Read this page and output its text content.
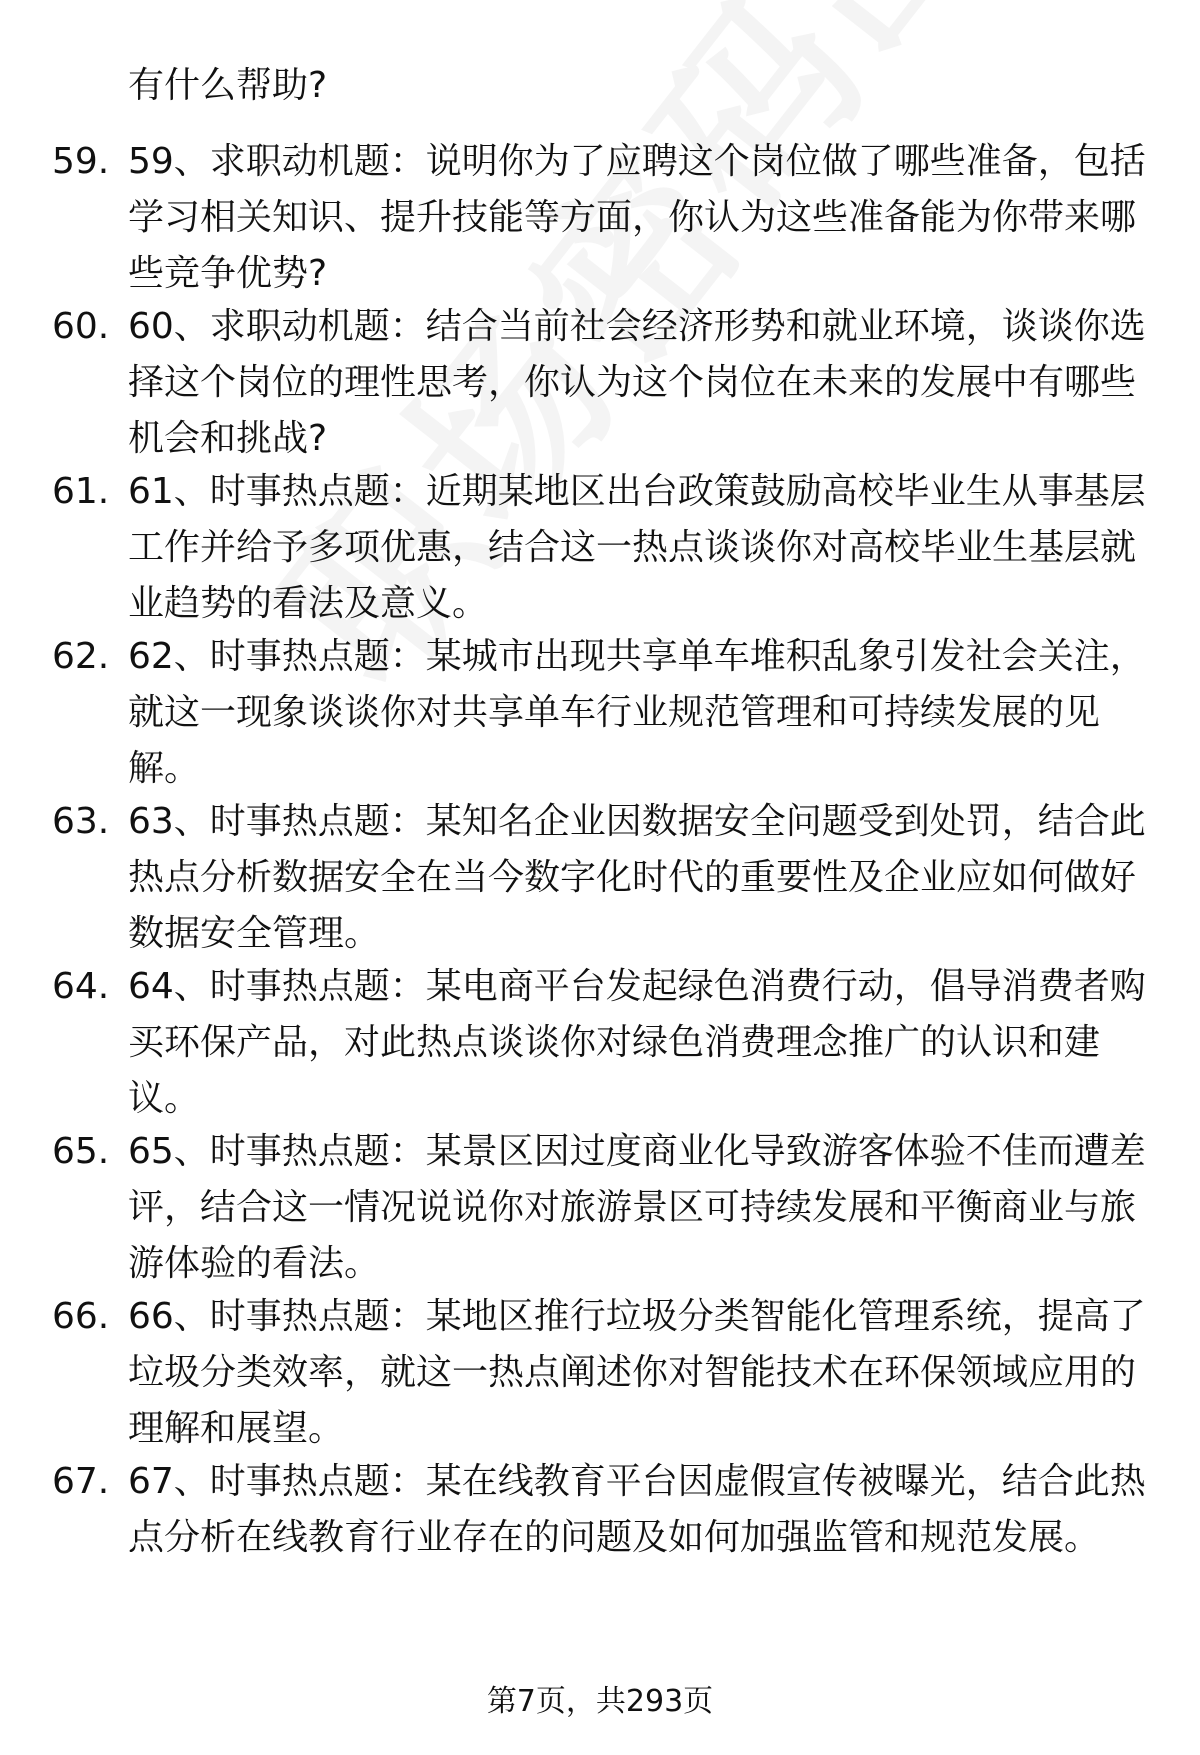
有什么帮助?
59. 59、求职动机题：说明你为了应聘这个岗位做了哪些准备，包括
学习相关知识、提升技能等方面，你认为这些准备能为你带来哪
些竞争优势?
60. 60、求职动机题：结合当前社会经济形势和就业环境，谈谈你选
择这个岗位的理性思考，你认为这个岗位在未来的发展中有哪些
机会和挑战?
61. 61、时事热点题：近期某地区出台政策鼓励高校毕业生从事基层
工作并给予多项优惠，结合这一热点谈谈你对高校毕业生基层就
业趋势的看法及意义。
62. 62、时事热点题：某城市出现共享单车堆积乱象引发社会关注，
就这一现象谈谈你对共享单车行业规范管理和可持续发展的见
解。
63. 63、时事热点题：某知名企业因数据安全问题受到处罚，结合此
热点分析数据安全在当今数字化时代的重要性及企业应如何做好
数据安全管理。
64. 64、时事热点题：某电商平台发起绿色消费行动，倡导消费者购
买环保产品，对此热点谈谈你对绿色消费理念推广的认识和建
议。
65. 65、时事热点题：某景区因过度商业化导致游客体验不佳而遭差
评，结合这一情况说说你对旅游景区可持续发展和平衡商业与旅
游体验的看法。
66. 66、时事热点题：某地区推行垃圾分类智能化管理系统，提高了
垃圾分类效率，就这一热点阐述你对智能技术在环保领域应用的
理解和展望。
67. 67、时事热点题：某在线教育平台因虚假宣传被曝光，结合此热
点分析在线教育行业存在的问题及如何加强监管和规范发展。
第7页，共293页
